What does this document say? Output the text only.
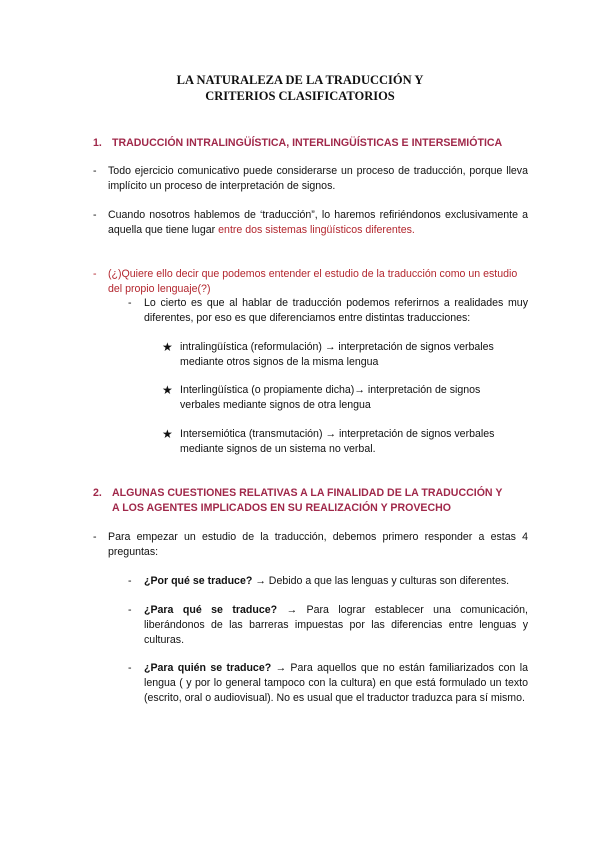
LA NATURALEZA DE LA TRADUCCIÓN Y
CRITERIOS CLASIFICATORIOS
1. TRADUCCIÓN INTRALINGÜÍSTICA, INTERLINGÜÍSTICAS E INTERSEMIÓTICA
- Todo ejercicio comunicativo puede considerarse un proceso de traducción, porque lleva implícito un proceso de interpretación de signos.
- Cuando nosotros hablemos de ‘traducción”, lo haremos refiriéndonos exclusivamente a aquella que tiene lugar entre dos sistemas lingüísticos diferentes.
- (¿)Quiere ello decir que podemos entender el estudio de la traducción como un estudio del propio lenguaje(?)
- Lo cierto es que al hablar de traducción podemos referirnos a realidades muy diferentes, por eso es que diferenciamos entre distintas traducciones:
★ intralingüística (reformulación) → interpretación de signos verbales mediante otros signos de la misma lengua
★ Interlingüística (o propiamente dicha)→ interpretación de signos verbales mediante signos de otra lengua
★ Intersemiótica (transmutación) → interpretación de signos verbales mediante signos de un sistema no verbal.
2. ALGUNAS CUESTIONES RELATIVAS A LA FINALIDAD DE LA TRADUCCIÓN Y
A LOS AGENTES IMPLICADOS EN SU REALIZACIÓN Y PROVECHO
- Para empezar un estudio de la traducción, debemos primero responder a estas 4 preguntas:
- ¿Por qué se traduce? → Debido a que las lenguas y culturas son diferentes.
- ¿Para qué se traduce? → Para lograr establecer una comunicación, liberándonos de las barreras impuestas por las diferencias entre lenguas y culturas.
- ¿Para quién se traduce? → Para aquellos que no están familiarizados con la lengua ( y por lo general tampoco con la cultura) en que está formulado un texto (escrito, oral o audiovisual). No es usual que el traductor traduzca para sí mismo.
